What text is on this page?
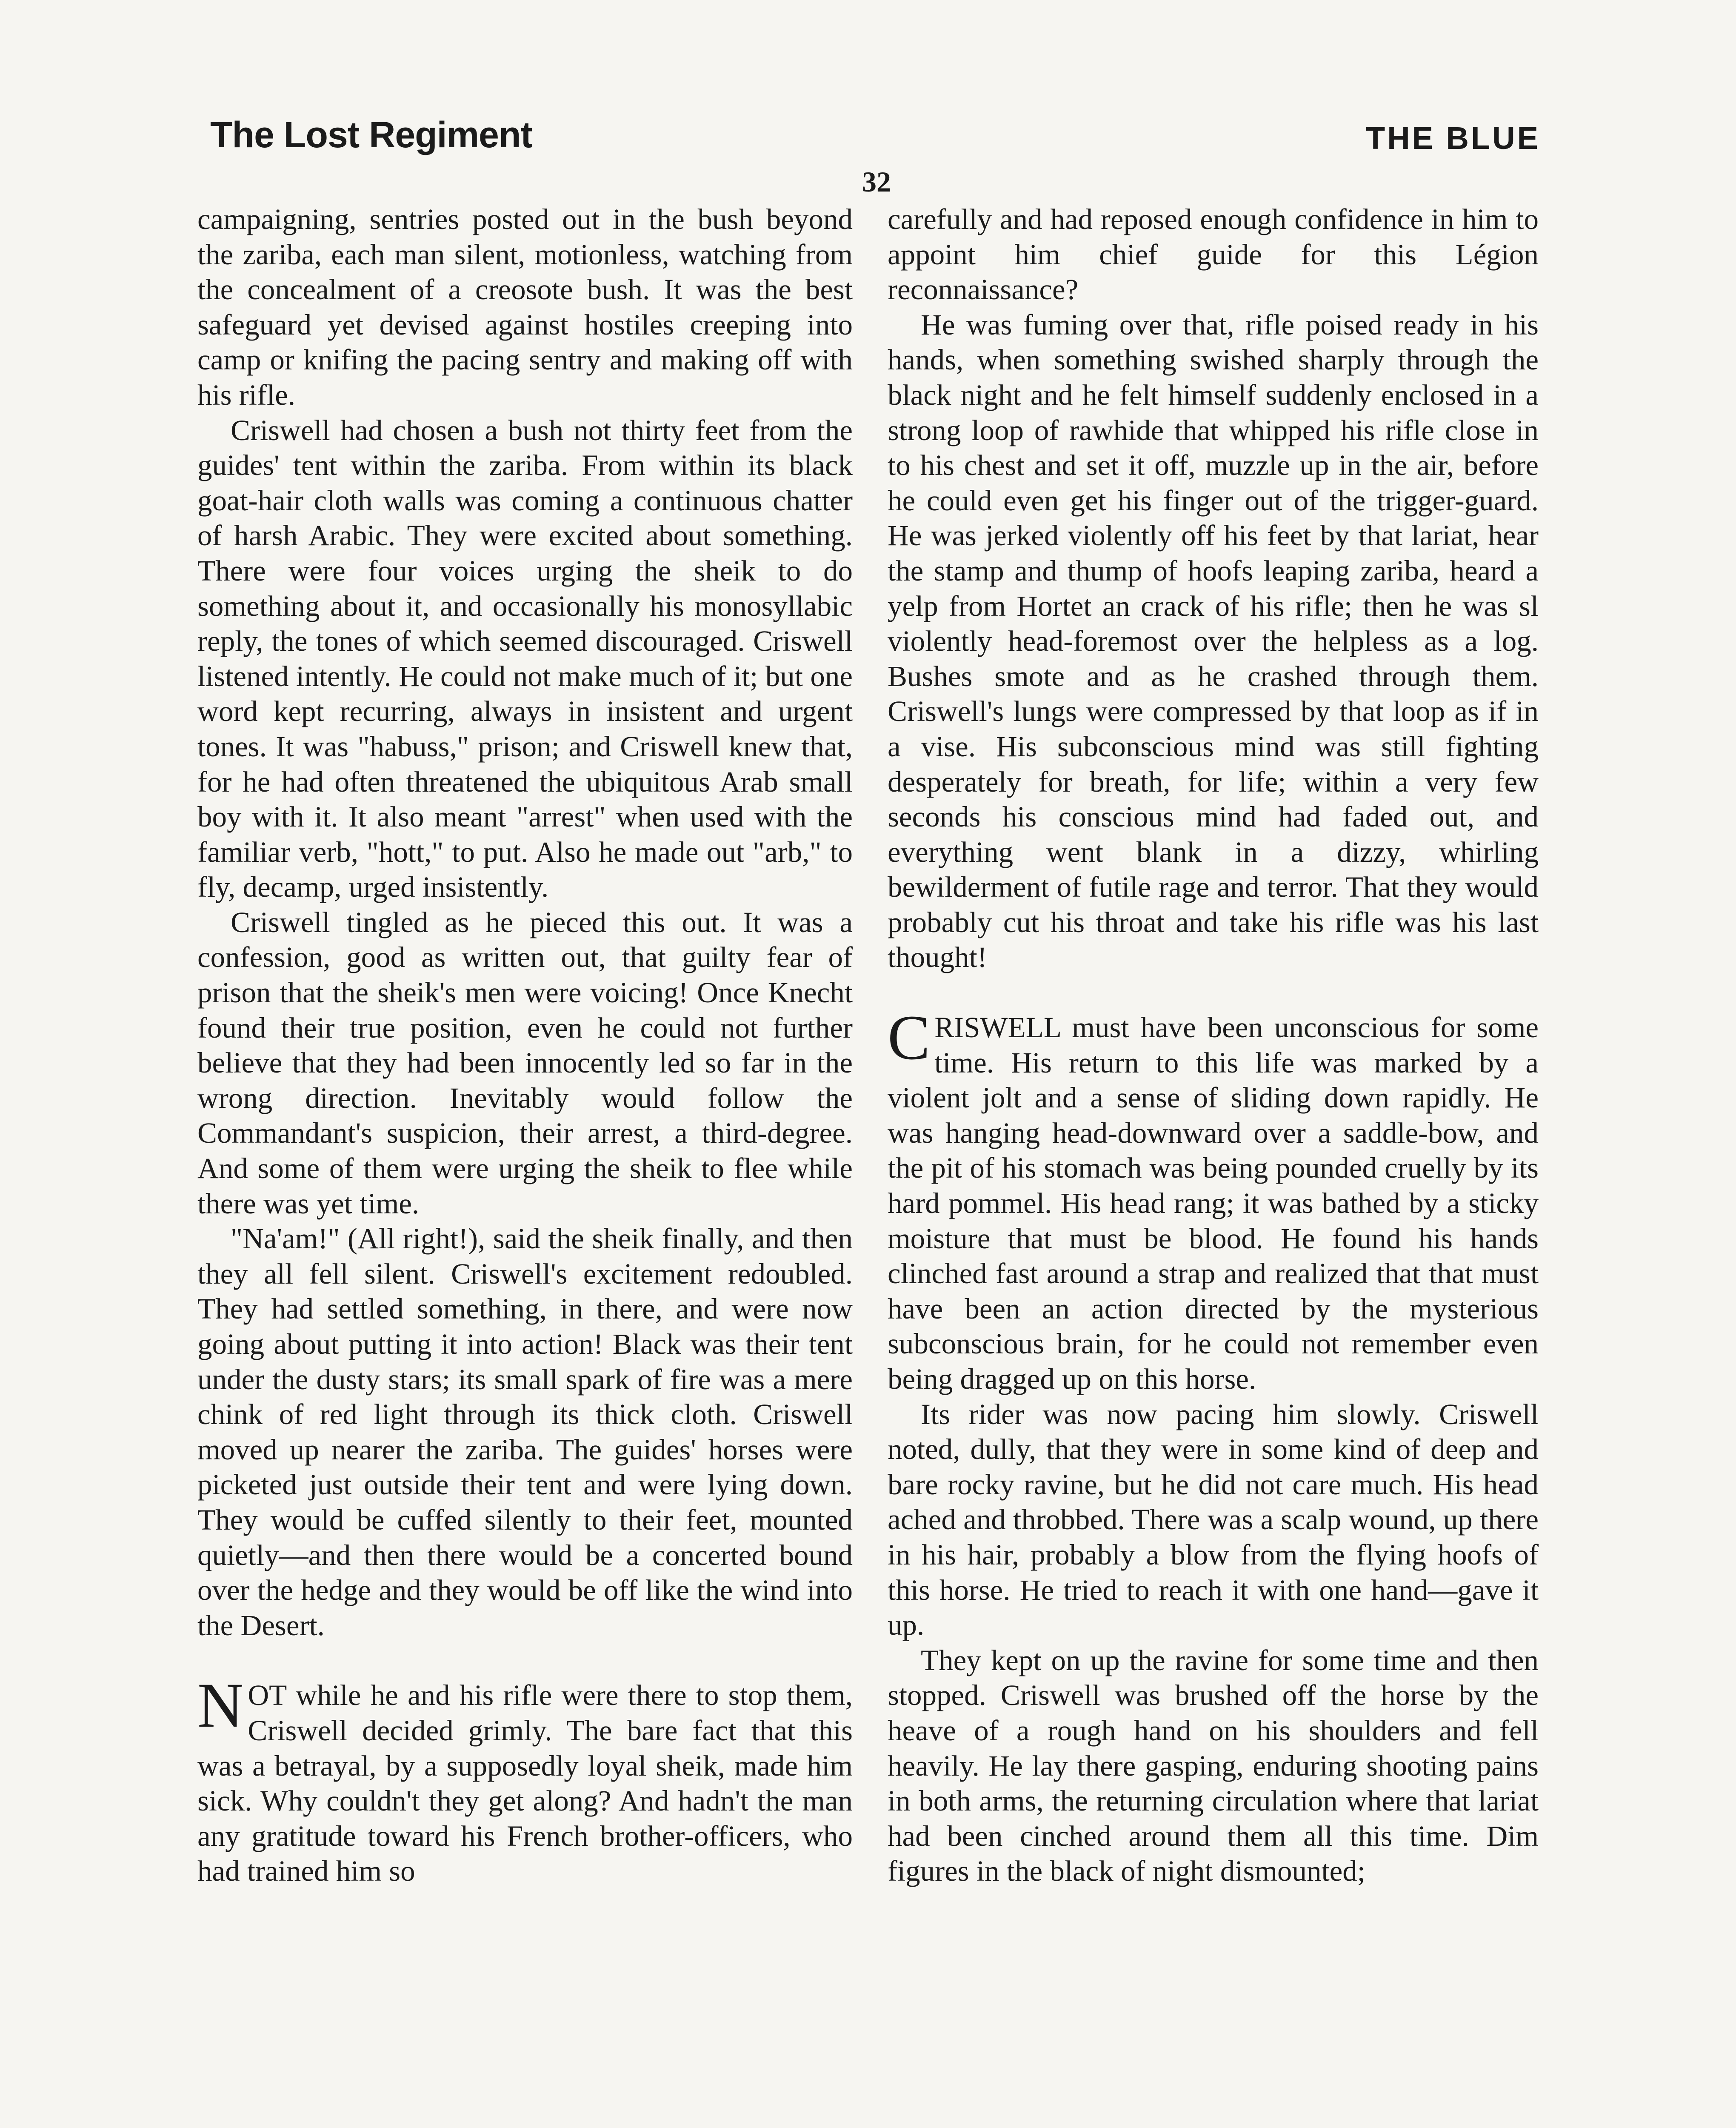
The Lost Regiment	THE BLUE
32

campaigning, sentries posted out in the bush beyond the zariba, each man silent, motionless, watching from the concealment of a creosote bush. It was the best safeguard yet devised against hostiles creeping into camp or knifing the pacing sentry and making off with his rifle.

Criswell had chosen a bush not thirty feet from the guides' tent within the zariba. From within its black goat-hair cloth walls was coming a continuous chatter of harsh Arabic. They were excited about something. There were four voices urging the sheik to do something about it, and occasionally his monosyllabic reply, the tones of which seemed discouraged. Criswell listened intently. He could not make much of it; but one word kept recurring, always in insistent and urgent tones. It was "habuss," prison; and Criswell knew that, for he had often threatened the ubiquitous Arab small boy with it. It also meant "arrest" when used with the familiar verb, "hott," to put. Also he made out "arb," to fly, decamp, urged insistently.

Criswell tingled as he pieced this out. It was a confession, good as written out, that guilty fear of prison that the sheik's men were voicing! Once Knecht found their true position, even he could not further believe that they had been innocently led so far in the wrong direction. Inevitably would follow the Commandant's suspicion, their arrest, a third-degree. And some of them were urging the sheik to flee while there was yet time.

"Na'am!" (All right!), said the sheik finally, and then they all fell silent. Criswell's excitement redoubled. They had settled something, in there, and were now going about putting it into action! Black was their tent under the dusty stars; its small spark of fire was a mere chink of red light through its thick cloth. Criswell moved up nearer the zariba. The guides' horses were picketed just outside their tent and were lying down. They would be cuffed silently to their feet, mounted quietly—and then there would be a concerted bound over the hedge and they would be off like the wind into the Desert.

NOT while he and his rifle were there to stop them, Criswell decided grimly. The bare fact that this was a betrayal, by a supposedly loyal sheik, made him sick. Why couldn't they get along? And hadn't the man any gratitude toward his French brother-officers, who had trained him so

carefully and had reposed enough confidence in him to appoint him chief guide for this Légion reconnaissance?

He was fuming over that, rifle poised ready in his hands, when something swished sharply through the black night and he felt himself suddenly enclosed in a strong loop of rawhide that whipped his rifle close in to his chest and set it off, muzzle up in the air, before he could even get his finger out of the trigger-guard. He was jerked violently off his feet by that lariat, hear the stamp and thump of hoofs leaping zariba, heard a yelp from Hortet an crack of his rifle; then he was sl violently head-foremost over the helpless as a log. Bushes smote and as he crashed through them. Criswell's lungs were compressed by that loop as if in a vise. His subconscious mind was still fighting desperately for breath, for life; within a very few seconds his conscious mind had faded out, and everything went blank in a dizzy, whirling bewilderment of futile rage and terror. That they would probably cut his throat and take his rifle was his last thought!

CRISWELL must have been unconscious for some time. His return to this life was marked by a violent jolt and a sense of sliding down rapidly. He was hanging head-downward over a saddle-bow, and the pit of his stomach was being pounded cruelly by its hard pommel. His head rang; it was bathed by a sticky moisture that must be blood. He found his hands clinched fast around a strap and realized that that must have been an action directed by the mysterious subconscious brain, for he could not remember even being dragged up on this horse.

Its rider was now pacing him slowly. Criswell noted, dully, that they were in some kind of deep and bare rocky ravine, but he did not care much. His head ached and throbbed. There was a scalp wound, up there in his hair, probably a blow from the flying hoofs of this horse. He tried to reach it with one hand—gave it up.

They kept on up the ravine for some time and then stopped. Criswell was brushed off the horse by the heave of a rough hand on his shoulders and fell heavily. He lay there gasping, enduring shooting pains in both arms, the returning circulation where that lariat had been cinched around them all this time. Dim figures in the black of night dismounted;
